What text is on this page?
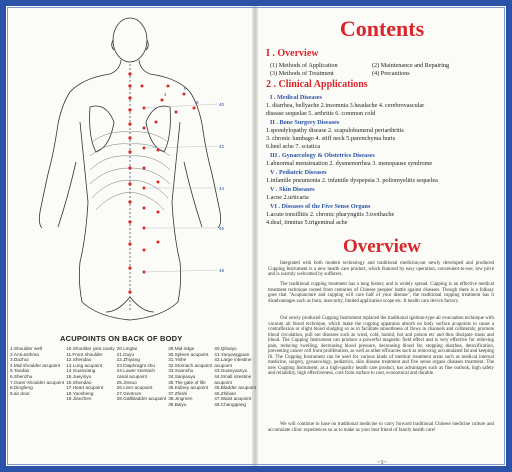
40
42
44
46
48
6
8
4
ACUPOINTS ON BACK OF BODY
1.Shoulder well
2.Anti-asthma
3.Dazhui
4.Mid-shoulder acupoint
5.Taodao
6.Shenzhu
7.Outer-shoulder acupoint
8.Dingfeng
9.air door
10.Shoulder joint cavity
11.Front shoulder
12.Shendao
13.Lung acupoint
14.Guanxiang
15.Jueyinyu
16.Shendao
17.Heart acupoint
18.Yaosheng
19.Jianzhen
20.Lingtai
21.Duyu
22.Zhiyang
23.Diaphragm shu
24.Lower stomach
canal acupoint
25.Jinsuo
26.Liver acupoint
27.Gentrum
28.Gallbladder acupoint
29.Mid-ridge
30.Spleen acupoint
31.Yishe
32.Stomach acupoint
33.Xuanshu
34.Sanjiaoyu
35.The gate of life
36.Kidney acupoint
37.Zhishi
38.Jingmen
39.Baiyu
40.Qihaiyu
41.Yaoyangguan
42.Large intestine
acupoint
43.Guanyuanyu
44.Small intestine
acupoint
45.Bladder acupoint
46.Zhibian
47.Waist acupoint
48.Changqiang
Contents
I . Overview
(1) Methods of Application	(2) Maintenance and Repairing
(3) Methods of Treatment	(4) Precautions
2 . Clinical Applications
I . Medical Diseases
1. diarrhea, bellyache 2.insomnia 3.headache 4. cerebrovascular
disease sequelae 5. arthritis 6. common cold
II . Bone Surgery Diseases
1.spondylopathy disease 2. scapulohumeral periarthritis
3. chronic lumbago 4. stiff neck 5.parenchyma hurts
6.heel ache 7. sciatica
III . Gynaecology & Obstetrics Diseases
1.abnormal menstruation 2. dysmenorrhea 3. menopause syndrome
V . Pediatric Diseases
1.infantile pneumonia 2. infantile dyspepsia 3. poliomyelitis sequelea
V . Skin Diseases
1.acne 2.urticaria
VI . Diseases of the Five Sense Organs
1.acute tonsillitis 2. chronic pharyngitis 3.toothache
4.deaf, tinnitus 5.trigeminal ache
Overview
Integrated with both modern technology and traditional medicine,our newly developed and produced Cupping Instrument is a new health care product, which featured by easy operation, convenient-to-use, low price and is warmly welcomed by sufferers.
The traditional cupping treatment has a long history and is widely spread. Cupping is an effective medical treatment technique rooted from centuries of Chinese peoples' battle against diseases. Though there is a folksay goes that "Acupuncture and cupping will cure half of your disease", the traditional cupping treatment has it disadvantages such as burn, insecurity, limited application scope etc. It health care device factory.
Our newly produced Cupping Instrument replaced the traditional ignition-type air evacuation technique with vacuum air blood technique, which make the cupping apparatus absorb on body surface acupoints to cause a contraflexion or slight blood sludging so as to facilitate smoothness of flows in channels and collaterals, promote blood circulation, pull out diseases such as wind, cold, humid, hot and poison etc and thus dissipate stasis and blood. The Cupping Instrument can produce a powerful magnetic field effect and is very effective for relieving pain, reducing swelling, decreasing blood pressure, decreasing blood fat, stopping diarrhea, detoxification, preventing cancer cell from proliferation, as well as other efficacies such as removing accumulated fat and keeping fit. The Cupping Instrument can be used for various kinds of medical treatment areas such as medical internal medicine, surgery, gynaecology, pediatrics, skin disease treatment and five sense organs diseases treatment. The new Cupping Instrument, as a high-quality health care product, has advantages such as fine outlook, high safety and reliability, high effectiveness, cure from surface to root, economical and durable.
We will continue to base on traditional medicine to carry forward traditional Chinese medicine culture and accumulate clinic experiences so as to make us your best friend of family health care!
~1~
